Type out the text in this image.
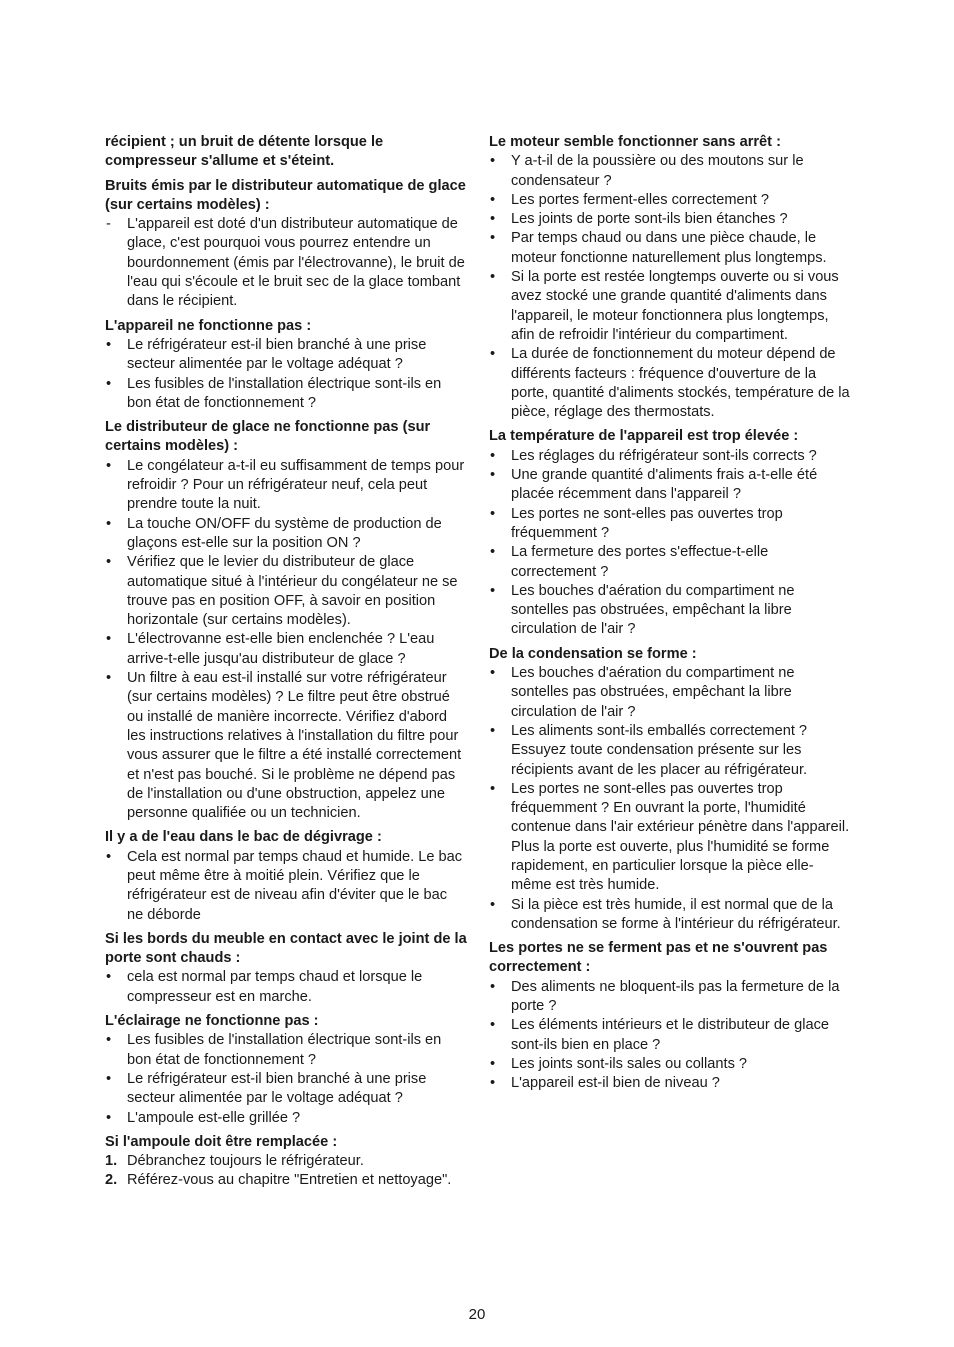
récipient ; un bruit de détente lorsque le compresseur s'allume et s'éteint.
Bruits émis par le distributeur automatique de glace (sur certains modèles) :
- L'appareil est doté d'un distributeur automatique de glace, c'est pourquoi vous pourrez entendre un bourdonnement (émis par l'électrovanne), le bruit de l'eau qui s'écoule et le bruit sec de la glace tombant dans le récipient.
L'appareil ne fonctionne pas :
• Le réfrigérateur est-il bien branché à une prise secteur alimentée par le voltage adéquat ?
• Les fusibles de l'installation électrique sont-ils en bon état de fonctionnement ?
Le distributeur de glace ne fonctionne pas (sur certains modèles) :
• Le congélateur a-t-il eu suffisamment de temps pour refroidir ? Pour un réfrigérateur neuf, cela peut prendre toute la nuit.
• La touche ON/OFF du système de production de glaçons est-elle sur la position ON ?
• Vérifiez que le levier du distributeur de glace automatique situé à l'intérieur du congélateur ne se trouve pas en position OFF, à savoir en position horizontale (sur certains modèles).
• L'électrovanne est-elle bien enclenchée ? L'eau arrive-t-elle jusqu'au distributeur de glace ?
• Un filtre à eau est-il installé sur votre réfrigérateur (sur certains modèles) ? Le filtre peut être obstrué ou installé de manière incorrecte. Vérifiez d'abord les instructions relatives à l'installation du filtre pour vous assurer que le filtre a été installé correctement et n'est pas bouché. Si le problème ne dépend pas de l'installation ou d'une obstruction, appelez une personne qualifiée ou un technicien.
Il y a de l'eau dans le bac de dégivrage :
• Cela est normal par temps chaud et humide. Le bac peut même être à moitié plein. Vérifiez que le réfrigérateur est de niveau afin d'éviter que le bac ne déborde
Si les bords du meuble en contact avec le joint de la porte sont chauds :
• cela est normal par temps chaud et lorsque le compresseur est en marche.
L'éclairage ne fonctionne pas :
• Les fusibles de l'installation électrique sont-ils en bon état de fonctionnement ?
• Le réfrigérateur est-il bien branché à une prise secteur alimentée par le voltage adéquat ?
• L'ampoule est-elle grillée ?
Si l'ampoule doit être remplacée :
1. Débranchez toujours le réfrigérateur.
2. Référez-vous au chapitre "Entretien et nettoyage".
Le moteur semble fonctionner sans arrêt :
• Y a-t-il de la poussière ou des moutons sur le condensateur ?
• Les portes ferment-elles correctement ?
• Les joints de porte sont-ils bien étanches ?
• Par temps chaud ou dans une pièce chaude, le moteur fonctionne naturellement plus longtemps.
• Si la porte est restée longtemps ouverte ou si vous avez stocké une grande quantité d'aliments dans l'appareil, le moteur fonctionnera plus longtemps, afin de refroidir l'intérieur du compartiment.
• La durée de fonctionnement du moteur dépend de différents facteurs : fréquence d'ouverture de la porte, quantité d'aliments stockés, température de la pièce, réglage des thermostats.
La température de l'appareil est trop élevée :
• Les réglages du réfrigérateur sont-ils corrects ?
• Une grande quantité d'aliments frais a-t-elle été placée récemment dans l'appareil ?
• Les portes ne sont-elles pas ouvertes trop fréquemment ?
• La fermeture des portes s'effectue-t-elle correctement ?
• Les bouches d'aération du compartiment ne sontelles pas obstruées, empêchant la libre circulation de l'air ?
De la condensation se forme :
• Les bouches d'aération du compartiment ne sontelles pas obstruées, empêchant la libre circulation de l'air ?
• Les aliments sont-ils emballés correctement ? Essuyez toute condensation présente sur les récipients avant de les placer au réfrigérateur.
• Les portes ne sont-elles pas ouvertes trop fréquemment ? En ouvrant la porte, l'humidité contenue dans l'air extérieur pénètre dans l'appareil. Plus la porte est ouverte, plus l'humidité se forme rapidement, en particulier lorsque la pièce elle-même est très humide.
• Si la pièce est très humide, il est normal que de la condensation se forme à l'intérieur du réfrigérateur.
Les portes ne se ferment pas et ne s'ouvrent pas correctement :
• Des aliments ne bloquent-ils pas la fermeture de la porte ?
• Les éléments intérieurs et le distributeur de glace sont-ils bien en place ?
• Les joints sont-ils sales ou collants ?
• L'appareil est-il bien de niveau ?
20
